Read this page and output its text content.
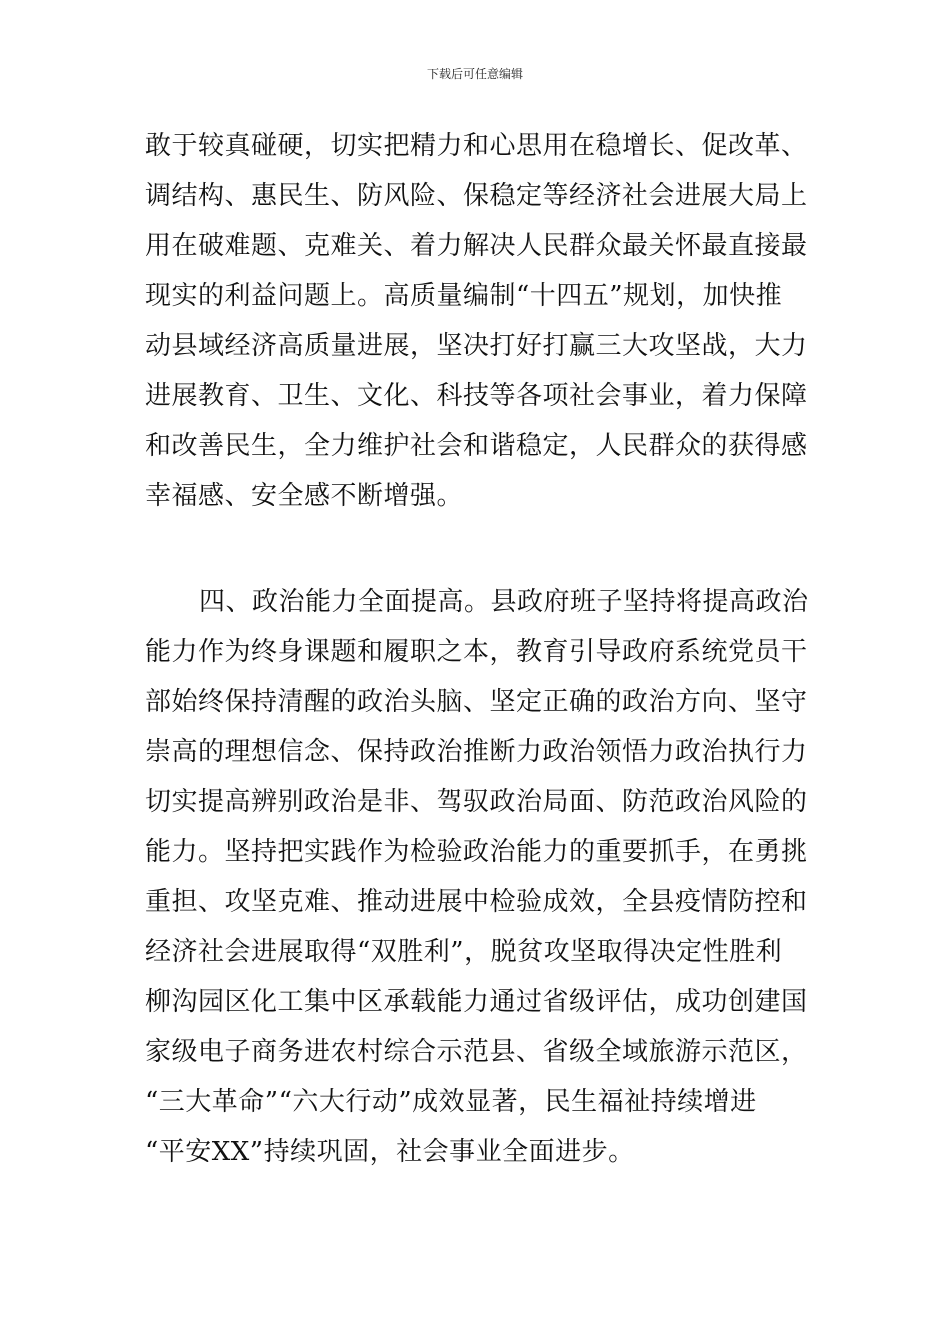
下载后可任意编辑
敢于较真碰硬，切实把精力和心思用在稳增长、促改革、
调结构、惠民生、防风险、保稳定等经济社会进展大局上
用在破难题、克难关、着力解决人民群众最关怀最直接最
现实的利益问题上。高质量编制“十四五”规划，加快推
动县域经济高质量进展，坚决打好打赢三大攻坚战，大力
进展教育、卫生、文化、科技等各项社会事业，着力保障
和改善民生，全力维护社会和谐稳定，人民群众的获得感
幸福感、安全感不断增强。
四、政治能力全面提高。县政府班子坚持将提高政治
能力作为终身课题和履职之本，教育引导政府系统党员干
部始终保持清醒的政治头脑、坚定正确的政治方向、坚守
崇高的理想信念、保持政治推断力政治领悟力政治执行力
切实提高辨别政治是非、驾驭政治局面、防范政治风险的
能力。坚持把实践作为检验政治能力的重要抓手，在勇挑
重担、攻坚克难、推动进展中检验成效，全县疫情防控和
经济社会进展取得“双胜利”，脱贫攻坚取得决定性胜利
柳沟园区化工集中区承载能力通过省级评估，成功创建国
家级电子商务进农村综合示范县、省级全域旅游示范区，
“三大革命”“六大行动”成效显著，民生福祉持续增进
“平安XX”持续巩固，社会事业全面进步。
